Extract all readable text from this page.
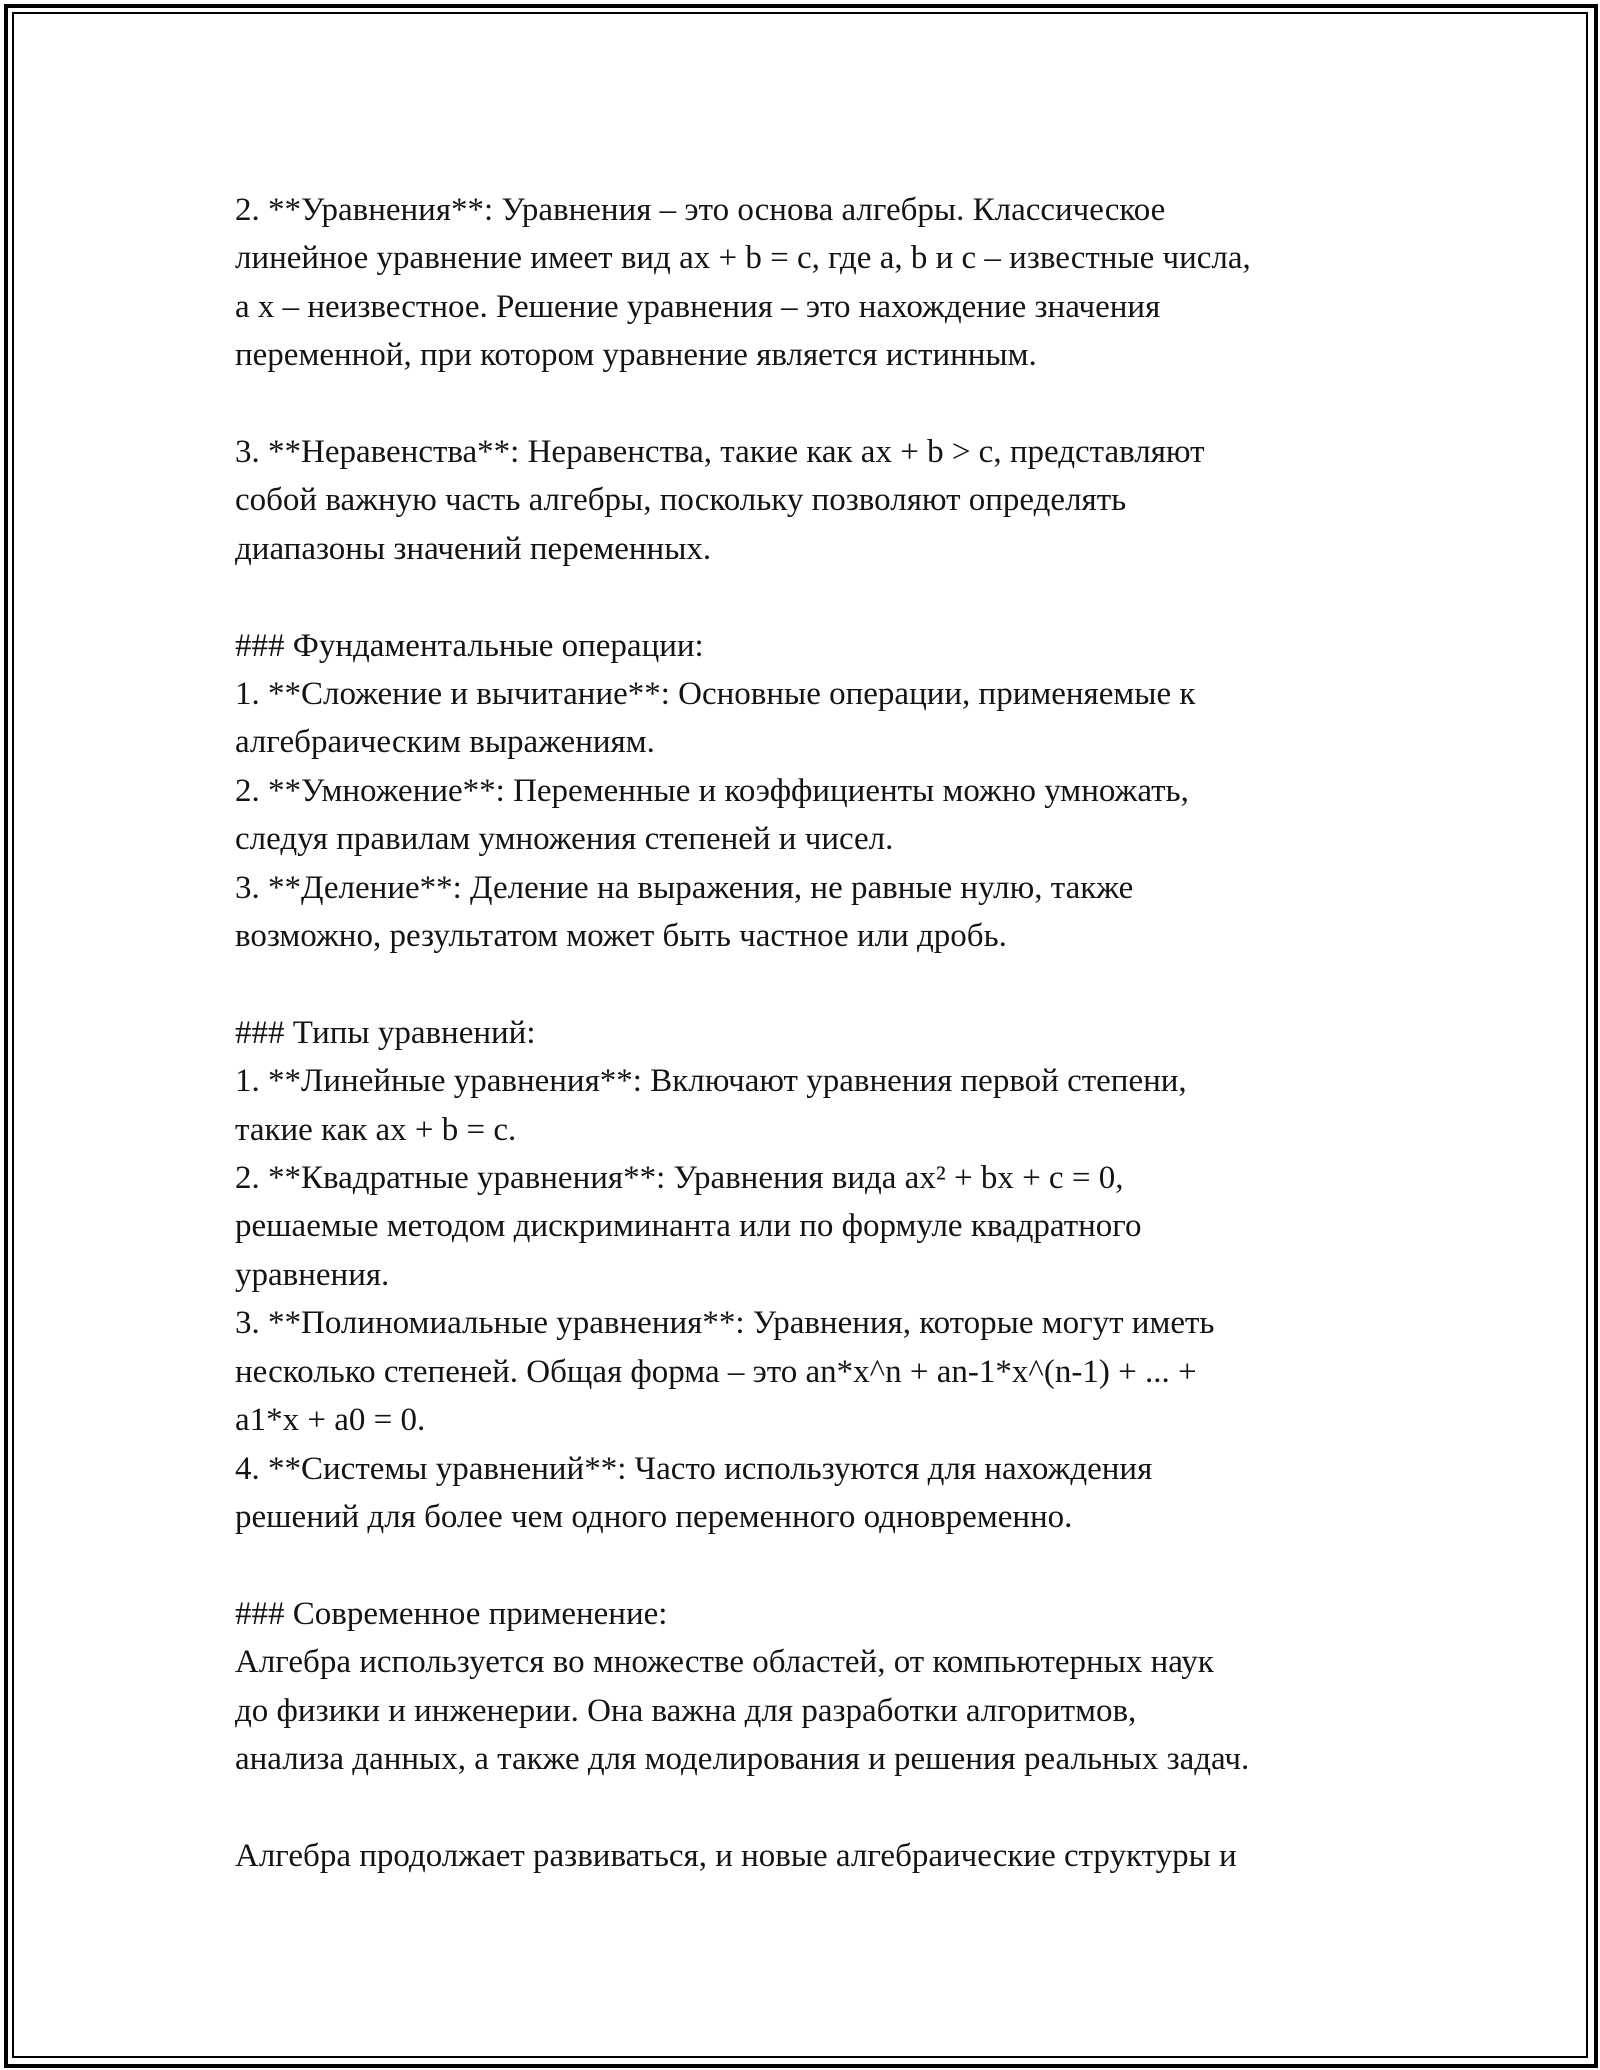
2. **Уравнения**: Уравнения – это основа алгебры. Классическое
линейное уравнение имеет вид ax + b = c, где a, b и c – известные числа,
а x – неизвестное. Решение уравнения – это нахождение значения
переменной, при котором уравнение является истинным.
3. **Неравенства**: Неравенства, такие как ax + b > c, представляют
собой важную часть алгебры, поскольку позволяют определять
диапазоны значений переменных.
### Фундаментальные операции:
1. **Сложение и вычитание**: Основные операции, применяемые к
алгебраическим выражениям.
2. **Умножение**: Переменные и коэффициенты можно умножать,
следуя правилам умножения степеней и чисел.
3. **Деление**: Деление на выражения, не равные нулю, также
возможно, результатом может быть частное или дробь.
### Типы уравнений:
1. **Линейные уравнения**: Включают уравнения первой степени,
такие как ax + b = c.
2. **Квадратные уравнения**: Уравнения вида ax² + bx + c = 0,
решаемые методом дискриминанта или по формуле квадратного
уравнения.
3. **Полиномиальные уравнения**: Уравнения, которые могут иметь
несколько степеней. Общая форма – это an*x^n + an-1*x^(n-1) + ... +
a1*x + a0 = 0.
4. **Системы уравнений**: Часто используются для нахождения
решений для более чем одного переменного одновременно.
### Современное применение:
Алгебра используется во множестве областей, от компьютерных наук
до физики и инженерии. Она важна для разработки алгоритмов,
анализа данных, а также для моделирования и решения реальных задач.
Алгебра продолжает развиваться, и новые алгебраические структуры и
